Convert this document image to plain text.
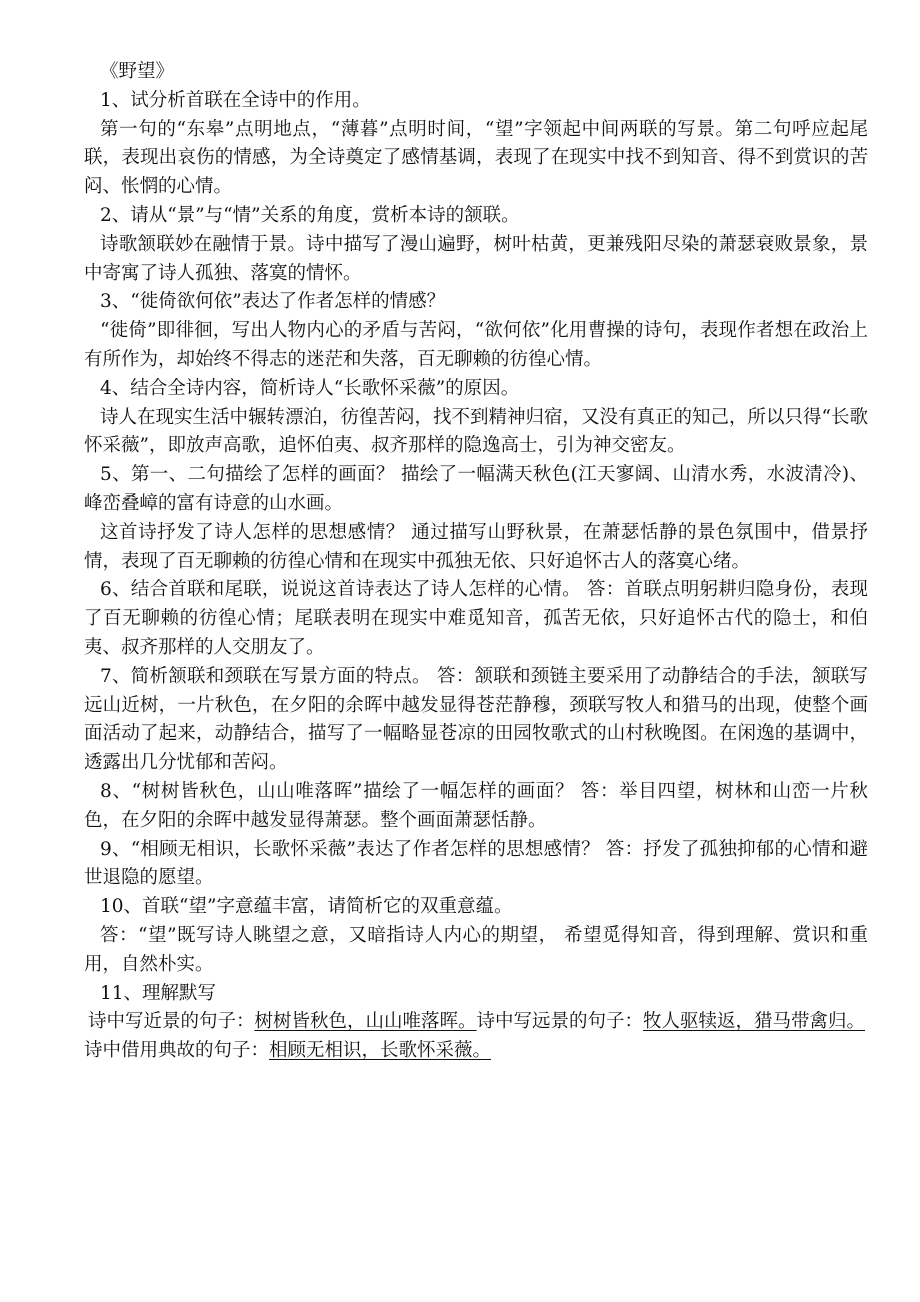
《野望》

1、试分析首联在全诗中的作用。

第一句的“东皋”点明地点，“薄暮”点明时间，“望”字领起中间两联的写景。第二句呼应起尾联，表现出哀伤的情感，为全诗奠定了感情基调，表现了在现实中找不到知音、得不到赏识的苦闷、怅惘的心情。

2、请从“景”与“情”关系的角度，赏析本诗的颔联。

诗歌颔联妙在融情于景。诗中描写了漫山遍野，树叶枯黄，更兼残阳尽染的萧瑟衰败景象，景中寄寓了诗人孤独、落寞的情怀。

3、“徙倚欲何依”表达了作者怎样的情感？

“徙倚”即徘徊，写出人物内心的矛盾与苦闷，“欲何依”化用曹操的诗句，表现作者想在政治上有所作为，却始终不得志的迷茫和失落，百无聊赖的彷徨心情。

4、结合全诗内容，简析诗人“长歌怀采薇”的原因。

诗人在现实生活中辗转漂泊，彷徨苦闷，找不到精神归宿，又没有真正的知己，所以只得“长歌怀采薇”，即放声高歌，追怀伯夷、叔齐那样的隐逸高士，引为神交密友。

5、第一、二句描绘了怎样的画面？ 描绘了一幅满天秋色(江天寥阔、山清水秀，水波清冷)、峰峦叠嶂的富有诗意的山水画。

这首诗抒发了诗人怎样的思想感情？ 通过描写山野秋景，在萧瑟恬静的景色氛围中，借景抒情，表现了百无聊赖的彷徨心情和在现实中孤独无依、只好追怀古人的落寞心绪。

6、结合首联和尾联，说说这首诗表达了诗人怎样的心情。 答：首联点明躬耕归隐身份，表现了百无聊赖的彷徨心情；尾联表明在现实中难觅知音，孤苦无依，只好追怀古代的隐士，和伯夷、叔齐那样的人交朋友了。

7、简析颔联和颈联在写景方面的特点。 答：颔联和颈链主要采用了动静结合的手法，颔联写远山近树，一片秋色，在夕阳的余晖中越发显得苍茫静穆，颈联写牧人和猎马的出现，使整个画面活动了起来，动静结合，描写了一幅略显苍凉的田园牧歌式的山村秋晚图。在闲逸的基调中，透露出几分忧郁和苦闷。

8、“树树皆秋色，山山唯落晖”描绘了一幅怎样的画面？ 答：举目四望，树林和山峦一片秋色，在夕阳的余晖中越发显得萧瑟。整个画面萧瑟恬静。

9、“相顾无相识，长歌怀采薇”表达了作者怎样的思想感情？ 答：抒发了孤独抑郁的心情和避世退隐的愿望。

10、首联“望”字意蕴丰富，请简析它的双重意蕴。

答：“望”既写诗人眺望之意，又暗指诗人内心的期望， 希望觅得知音，得到理解、赏识和重用，自然朴实。

11、理解默写

诗中写近景的句子：树树皆秋色，山山唯落晖。诗中写远景的句子：牧人驱犊返，猎马带禽归。诗中借用典故的句子：相顾无相识，长歌怀采薇。
